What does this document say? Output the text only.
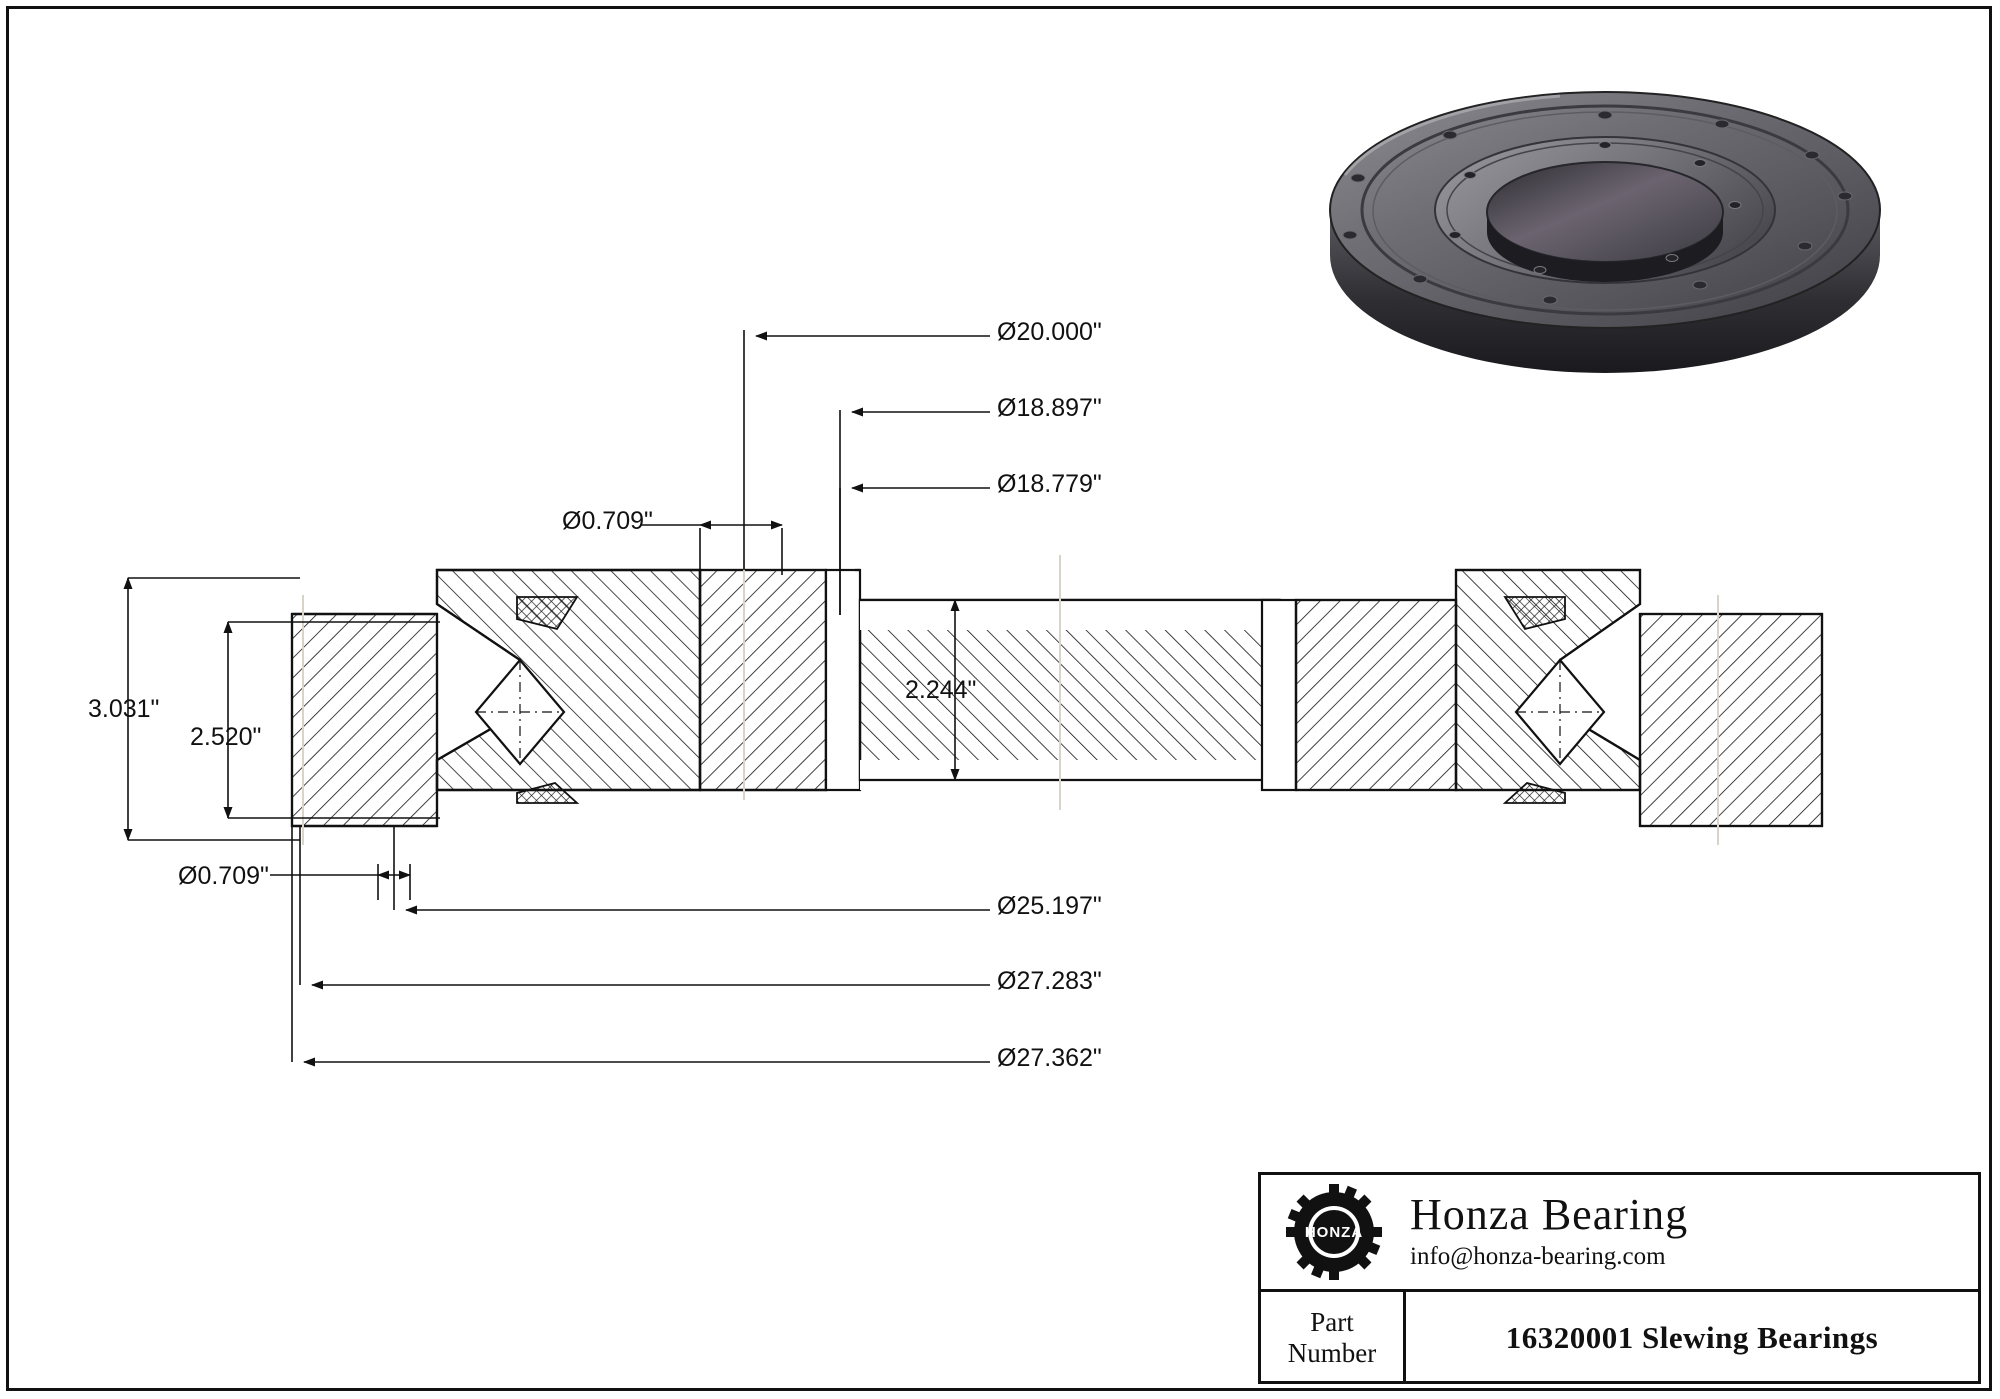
Ø20.000"
Ø18.897"
Ø18.779"
Ø0.709"
2.244"
3.031"
2.520"
Ø0.709"
Ø25.197"
Ø27.283"
Ø27.362"
HONZA Honza Bearing
info@honza-bearing.com
Part
Number	16320001 Slewing Bearings
